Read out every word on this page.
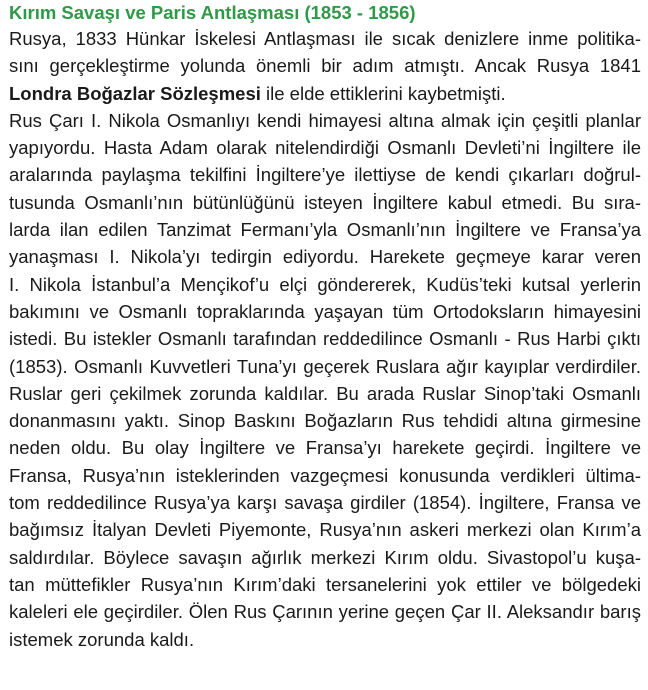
Kırım Savaşı ve Paris Antlaşması (1853 - 1856)
Rusya, 1833 Hünkar İskelesi Antlaşması ile sıcak denizlere inme politika-
sını gerçekleştirme yolunda önemli bir adım atmıştı. Ancak Rusya 1841
Londra Boğazlar Sözleşmesi ile elde ettiklerini kaybetmişti.
Rus Çarı I. Nikola Osmanlıyı kendi himayesi altına almak için çeşitli planlar
yapıyordu. Hasta Adam olarak nitelendirdiği Osmanlı Devleti’ni İngiltere ile
aralarında paylaşma tekilfini İngiltere’ye ilettiyse de kendi çıkarları doğrul-
tusunda Osmanlı’nın bütünlüğünü isteyen İngiltere kabul etmedi. Bu sıra-
larda ilan edilen Tanzimat Fermanı’yla Osmanlı’nın İngiltere ve Fransa’ya
yanaşması I. Nikola’yı tedirgin ediyordu. Harekete geçmeye karar veren
I. Nikola İstanbul’a Mençikof’u elçi göndererek, Kudüs’teki kutsal yerlerin
bakımını ve Osmanlı topraklarında yaşayan tüm Ortodoksların himayesini
istedi. Bu istekler Osmanlı tarafından reddedilince Osmanlı - Rus Harbi çıktı
(1853). Osmanlı Kuvvetleri Tuna’yı geçerek Ruslara ağır kayıplar verdirdiler.
Ruslar geri çekilmek zorunda kaldılar. Bu arada Ruslar Sinop’taki Osmanlı
donanmasını yaktı. Sinop Baskını Boğazların Rus tehdidi altına girmesine
neden oldu. Bu olay İngiltere ve Fransa’yı harekete geçirdi. İngiltere ve
Fransa, Rusya’nın isteklerinden vazgeçmesi konusunda verdikleri ültima-
tom reddedilince Rusya’ya karşı savaşa girdiler (1854). İngiltere, Fransa ve
bağımsız İtalyan Devleti Piyemonte, Rusya’nın askeri merkezi olan Kırım’a
saldırdılar. Böylece savaşın ağırlık merkezi Kırım oldu. Sivastopol’u kuşa-
tan müttefikler Rusya’nın Kırım’daki tersanelerini yok ettiler ve bölgedeki
kaleleri ele geçirdiler. Ölen Rus Çarının yerine geçen Çar II. Aleksandır barış
istemek zorunda kaldı.
